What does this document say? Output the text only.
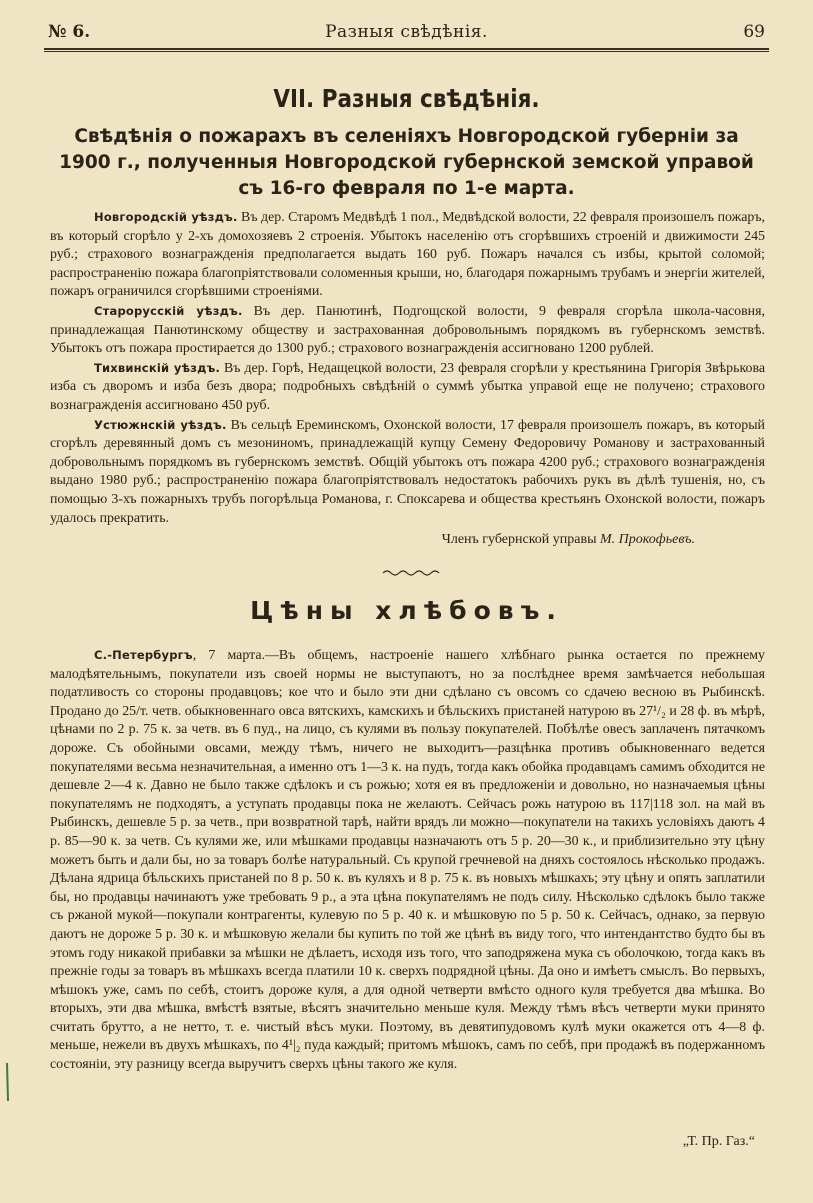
№ 6.	Разныя свѣдѣнія.	69
VII. Разныя свѣдѣнія.
Свѣдѣнія о пожарахъ въ селеніяхъ Новгородской губерніи за 1900 г., полученныя Новгородской губернской земской управой съ 16-го февраля по 1-е марта.

Новгородскій уѣздъ. Въ дер. Старомъ Медвѣдѣ 1 пол., Медвѣдской волости, 22 февраля произошелъ пожаръ, въ который сгорѣло у 2-хъ домохозяевъ 2 строенія. Убытокъ населенію отъ сгорѣвшихъ строеній и движимости 245 руб.; страхового вознагражденія предполагается выдать 160 руб. Пожаръ начался съ избы, крытой соломой; распространенію пожара благопріятствовали соломенныя крыши, но, благодаря пожарнымъ трубамъ и энергіи жителей, пожаръ ограничился сгорѣвшими строеніями.

Старорусскій уѣздъ. Въ дер. Панютинѣ, Подгощской волости, 9 февраля сгорѣла школа-часовня, принадлежащая Панютинскому обществу и застрахованная добровольнымъ порядкомъ въ губернскомъ земствѣ. Убытокъ отъ пожара простирается до 1300 руб.; страхового вознагражденія ассигновано 1200 рублей.

Тихвинскій уѣздъ. Въ дер. Горѣ, Недащецкой волости, 23 февраля сгорѣли у крестьянина Григорія Звѣрькова изба съ дворомъ и изба безъ двора; подробныхъ свѣдѣній о суммѣ убытка управой еще не получено; страхового вознагражденія ассигновано 450 руб.

Устюжнскій уѣздъ. Въ сельцѣ Ереминскомъ, Охонской волости, 17 февраля произошелъ пожаръ, въ который сгорѣлъ деревянный домъ съ мезониномъ, принадлежащій купцу Семену Федоровичу Романову и застрахованный добровольнымъ порядкомъ въ губернскомъ земствѣ. Общій убытокъ отъ пожара 4200 руб.; страхового вознагражденія выдано 1980 руб.; распространенію пожара благопріятствовалъ недостатокъ рабочихъ рукъ въ дѣлѣ тушенія, но, съ помощью 3-хъ пожарныхъ трубъ погорѣльца Романова, г. Споксарева и общества крестьянъ Охонской волости, пожаръ удалось прекратить.

Членъ губернской управы М. Прокофьевъ.
Цѣны хлѣбовъ.

С.-Петербургъ, 7 марта.—Въ общемъ, настроеніе нашего хлѣбнаго рынка остается по прежнему малодѣятельнымъ, покупатели изъ своей нормы не выступаютъ, но за послѣднее время замѣчается небольшая податливость со стороны продавцовъ; кое что и было эти дни сдѣлано съ овсомъ со сдачею весною въ Рыбинскѣ. Продано до 25/т. четв. обыкновеннаго овса вятскихъ, камскихъ и бѣльскихъ пристаней натурою въ 27¹/₂ и 28 ф. въ мѣрѣ, цѣнами по 2 р. 75 к. за четв. въ 6 пуд., на лицо, съ кулями въ пользу покупателей. Побѣлѣе овесъ заплаченъ пятачкомъ дороже. Съ обойными овсами, между тѣмъ, ничего не выходитъ—разцѣнка противъ обыкновеннаго ведется покупателями весьма незначительная, а именно отъ 1—3 к. на пудъ, тогда какъ обойка продавцамъ самимъ обходится не дешевле 2—4 к. Давно не было также сдѣлокъ и съ рожью; хотя ея въ предложеніи и довольно, но назначаемыя цѣны покупателямъ не подходятъ, а уступать продавцы пока не желаютъ. Сейчасъ рожь натурою въ 117|118 зол. на май въ Рыбинскъ, дешевле 5 р. за четв., при возвратной тарѣ, найти врядъ ли можно—покупатели на такихъ условіяхъ даютъ 4 р. 85—90 к. за четв. Съ кулями же, или мѣшками продавцы назначаютъ отъ 5 р. 20—30 к., и приблизительно эту цѣну можетъ быть и дали бы, но за товаръ болѣе натуральный. Съ крупой гречневой на дняхъ состоялось нѣсколько продажъ. Дѣлана ядрица бѣльскихъ пристаней по 8 р. 50 к. въ куляхъ и 8 р. 75 к. въ новыхъ мѣшкахъ; эту цѣну и опять заплатили бы, но продавцы начинаютъ уже требовать 9 р., а эта цѣна покупателямъ не подъ силу. Нѣсколько сдѣлокъ было также съ ржаной мукой—покупали контрагенты, кулевую по 5 р. 40 к. и мѣшковую по 5 р. 50 к. Сейчасъ, однако, за первую даютъ не дороже 5 р. 30 к. и мѣшковую желали бы купить по той же цѣнѣ въ виду того, что интендантство будто бы въ этомъ году никакой прибавки за мѣшки не дѣлаетъ, исходя изъ того, что заподряжена мука съ оболочкою, тогда какъ въ прежніе годы за товаръ въ мѣшкахъ всегда платили 10 к. сверхъ подрядной цѣны. Да оно и имѣетъ смыслъ. Во первыхъ, мѣшокъ уже, самъ по себѣ, стоитъ дороже куля, а для одной четверти вмѣсто одного куля требуется два мѣшка. Во вторыхъ, эти два мѣшка, вмѣстѣ взятые, вѣсятъ значительно меньше куля. Между тѣмъ вѣсъ четверти муки принято считать брутто, а не нетто, т. е. чистый вѣсъ муки. Поэтому, въ девятипудовомъ кулѣ муки окажется отъ 4—8 ф. меньше, нежели въ двухъ мѣшкахъ, по 4¹|₂ пуда каждый; притомъ мѣшокъ, самъ по себѣ, при продажѣ въ подержанномъ состояніи, эту разницу всегда выручитъ сверхъ цѣны такого же куля.

„Т. Пр. Газ.“
